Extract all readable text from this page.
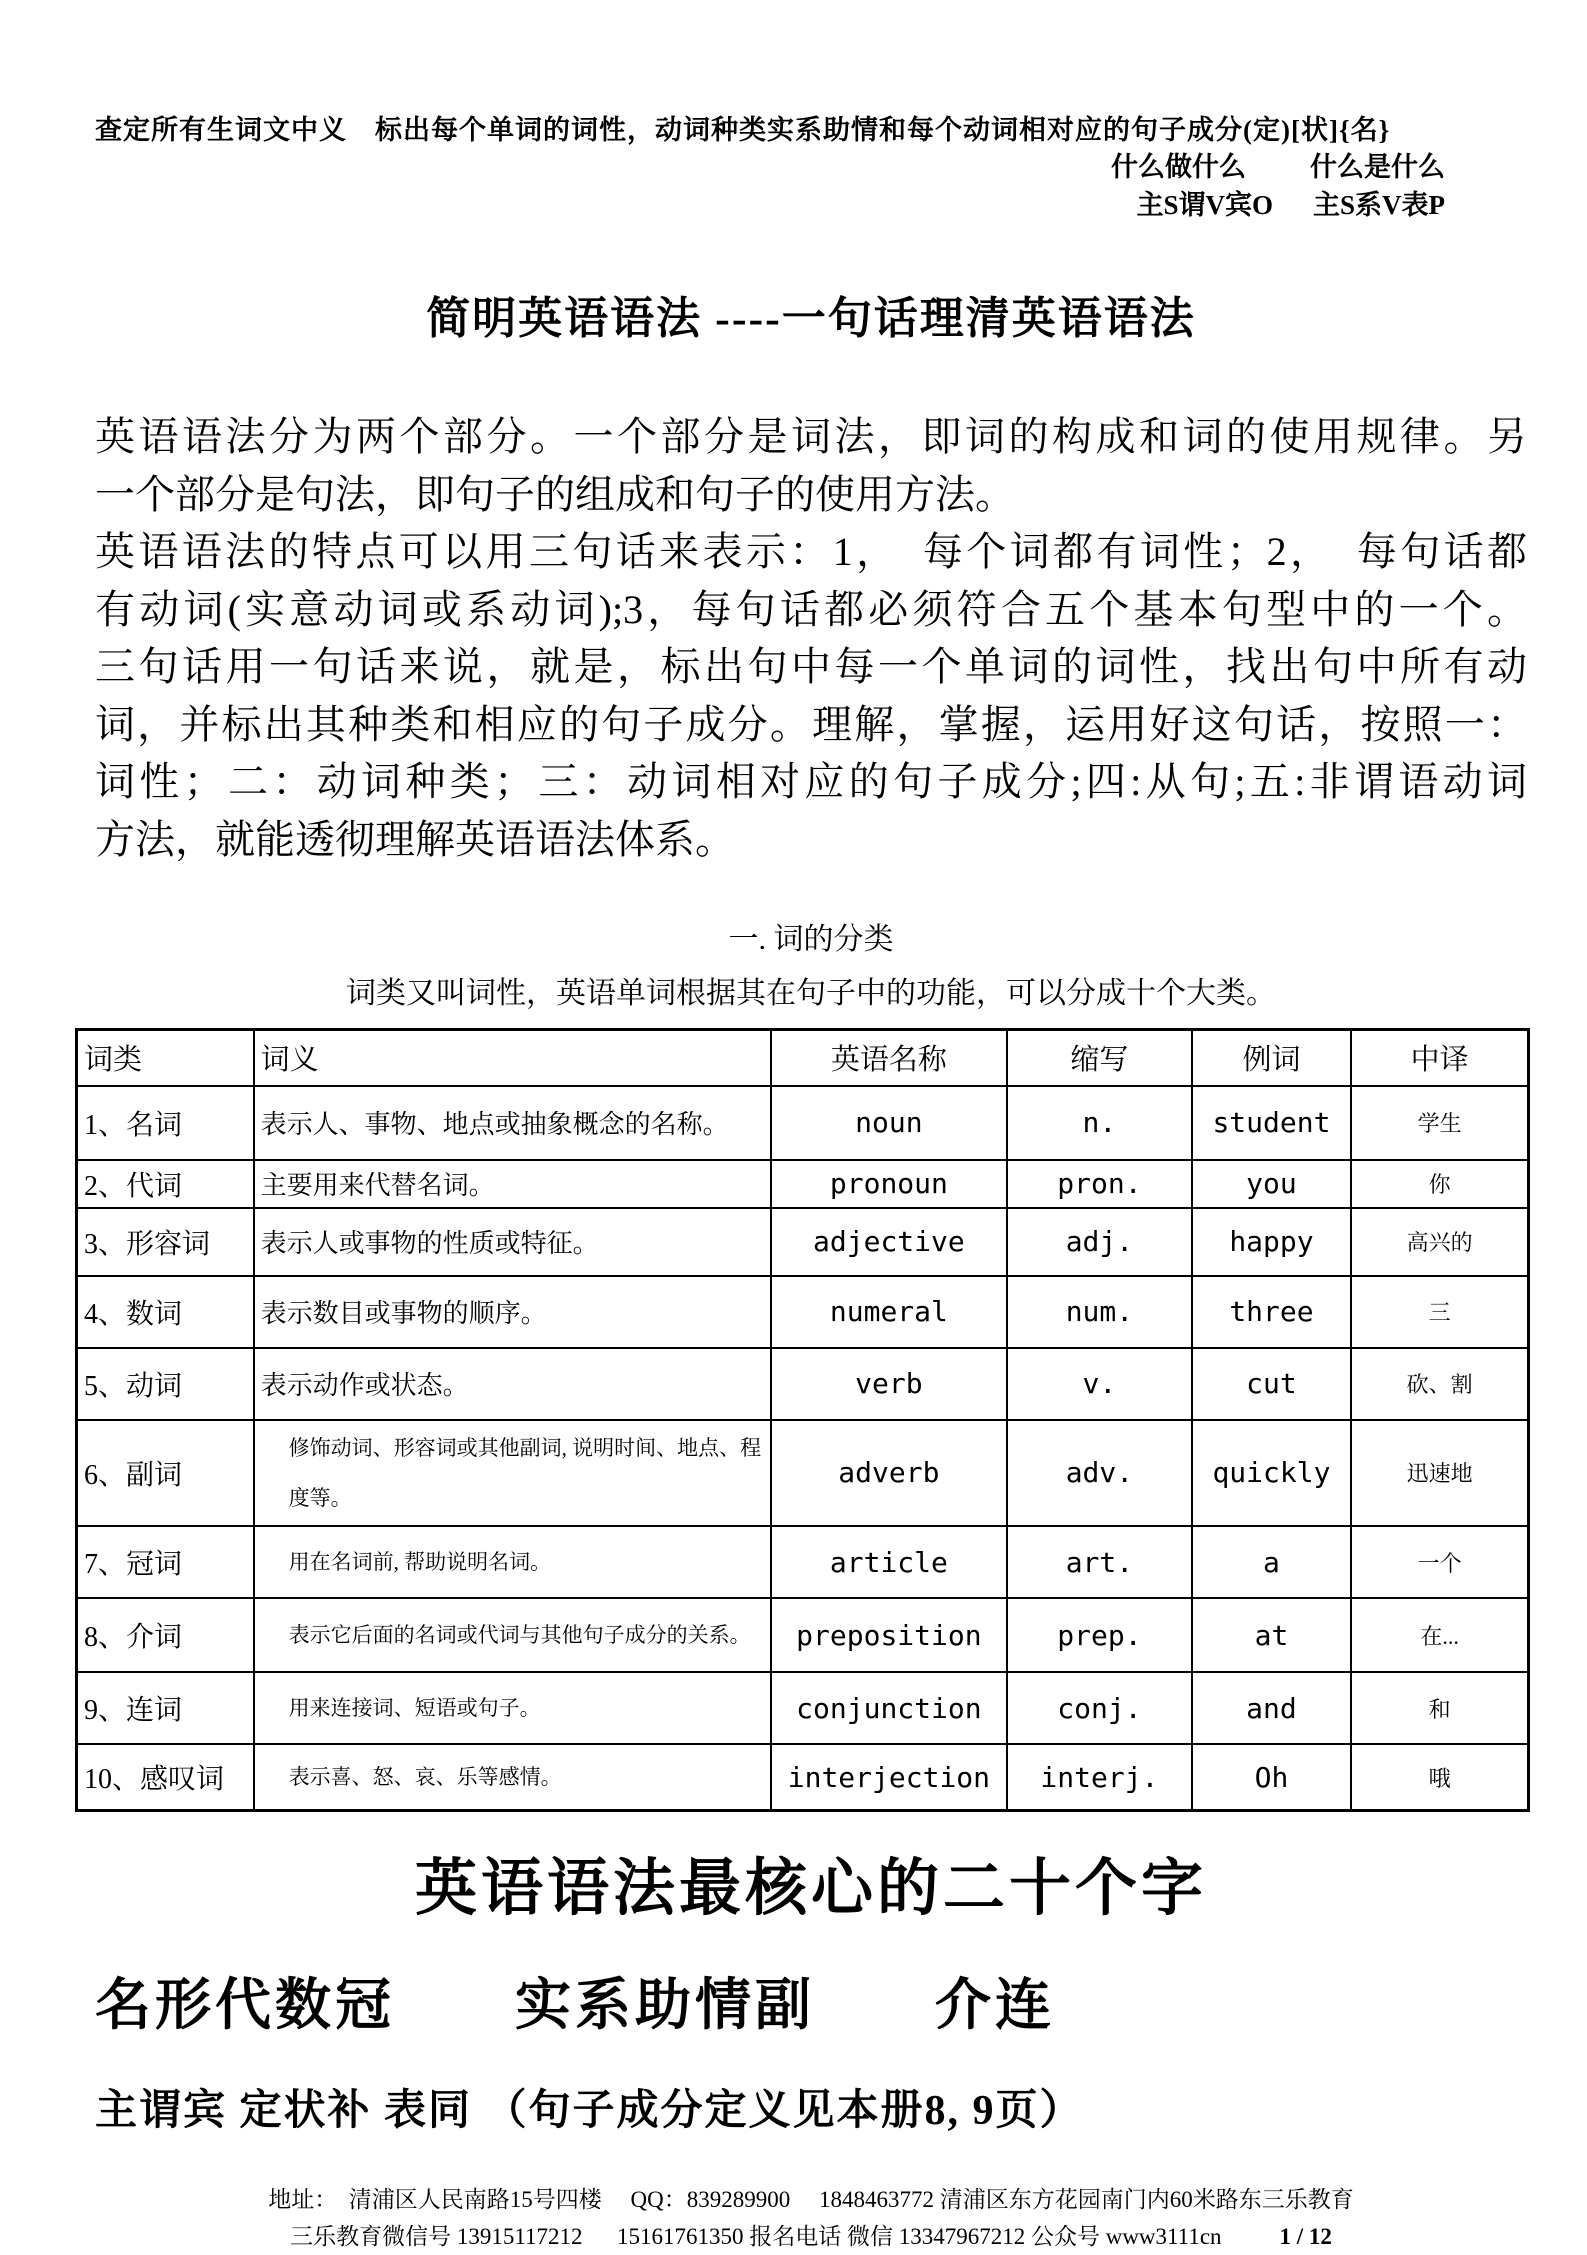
查定所有生词文中义　标出每个单词的词性，动词种类实系助情和每个动词相对应的句子成分(定)[状]{名}
什么做什么 什么是什么
主S谓V宾O 主S系V表P
简明英语语法 ----一句话理清英语语法
英语语法分为两个部分。一个部分是词法，即词的构成和词的使用规律。另
一个部分是句法，即句子的组成和句子的使用方法。
英语语法的特点可以用三句话来表示：1，　每个词都有词性；2，　每句话都
有动词(实意动词或系动词);3，每句话都必须符合五个基本句型中的一个。
三句话用一句话来说，就是，标出句中每一个单词的词性，找出句中所有动
词，并标出其种类和相应的句子成分。理解，掌握，运用好这句话，按照一：
词性；二：动词种类；三：动词相对应的句子成分;四:从句;五:非谓语动词
方法，就能透彻理解英语语法体系。
一. 词的分类
词类又叫词性，英语单词根据其在句子中的功能，可以分成十个大类。
词类	词义	英语名称	缩写	例词	中译
1、名词	表示人、事物、地点或抽象概念的名称。	noun	n.	student	学生
2、代词	主要用来代替名词。	pronoun	pron.	you	你
3、形容词	表示人或事物的性质或特征。	adjective	adj.	happy	高兴的
4、数词	表示数目或事物的顺序。	numeral	num.	three	三
5、动词	表示动作或状态。	verb	v.	cut	砍、割
6、副词	修饰动词、形容词或其他副词, 说明时间、地点、程度等。	adverb	adv.	quickly	迅速地
7、冠词	用在名词前, 帮助说明名词。	article	art.	a	一个
8、介词	表示它后面的名词或代词与其他句子成分的关系。	preposition	prep.	at	在...
9、连词	用来连接词、短语或句子。	conjunction	conj.	and	和
10、感叹词	表示喜、怒、哀、乐等感情。	interjection	interj.	Oh	哦
英语语法最核心的二十个字
名形代数冠　　实系助情副　　介连
主谓宾 定状补 表同 （句子成分定义见本册8, 9页）
地址：  清浦区人民南路15号四楼　 QQ：839289900　 1848463772 清浦区东方花园南门内60米路东三乐教育
三乐教育微信号 13915117212　  15161761350 报名电话 微信 13347967212 公众号 www3111cn	1 / 12
